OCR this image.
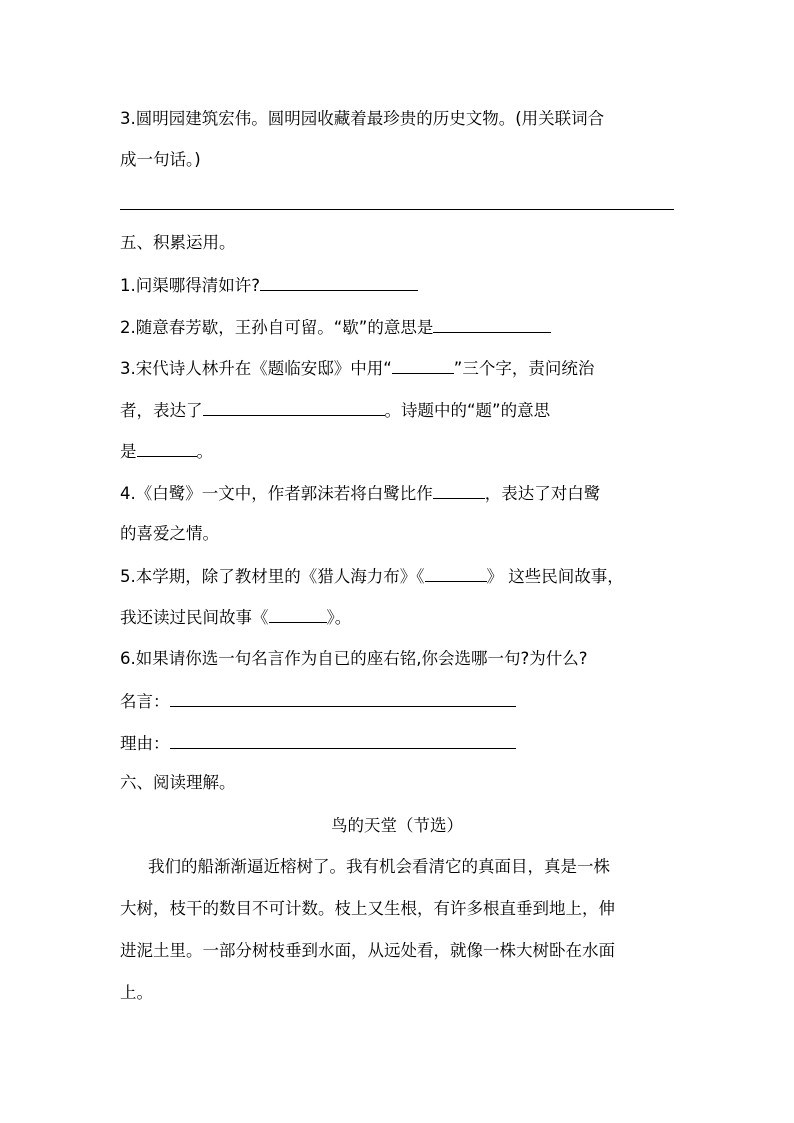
3.圆明园建筑宏伟。圆明园收藏着最珍贵的历史文物。(用关联词合
成一句话。)
五、积累运用。
1.问渠哪得清如许?
2.随意春芳歇，王孙自可留。“歇”的意思是
3.宋代诗人林升在《题临安邸》中用“	”三个字，责问统治
者，表达了	。诗题中的“题”的意思
是	。
4.《白鹭》一文中，作者郭沫若将白鹭比作	，表达了对白鹭
的喜爱之情。
5.本学期，除了教材里的《猎人海力布》《	》 这些民间故事，
我还读过民间故事《	》。
6.如果请你选一句名言作为自已的座右铭,你会选哪一句?为什么?
名言：
理由：
六、阅读理解。
鸟的天堂（节选）
我们的船渐渐逼近榕树了。我有机会看清它的真面目，真是一株
大树，枝干的数目不可计数。枝上又生根，有许多根直垂到地上，伸
进泥土里。一部分树枝垂到水面，从远处看，就像一株大树卧在水面
上。
